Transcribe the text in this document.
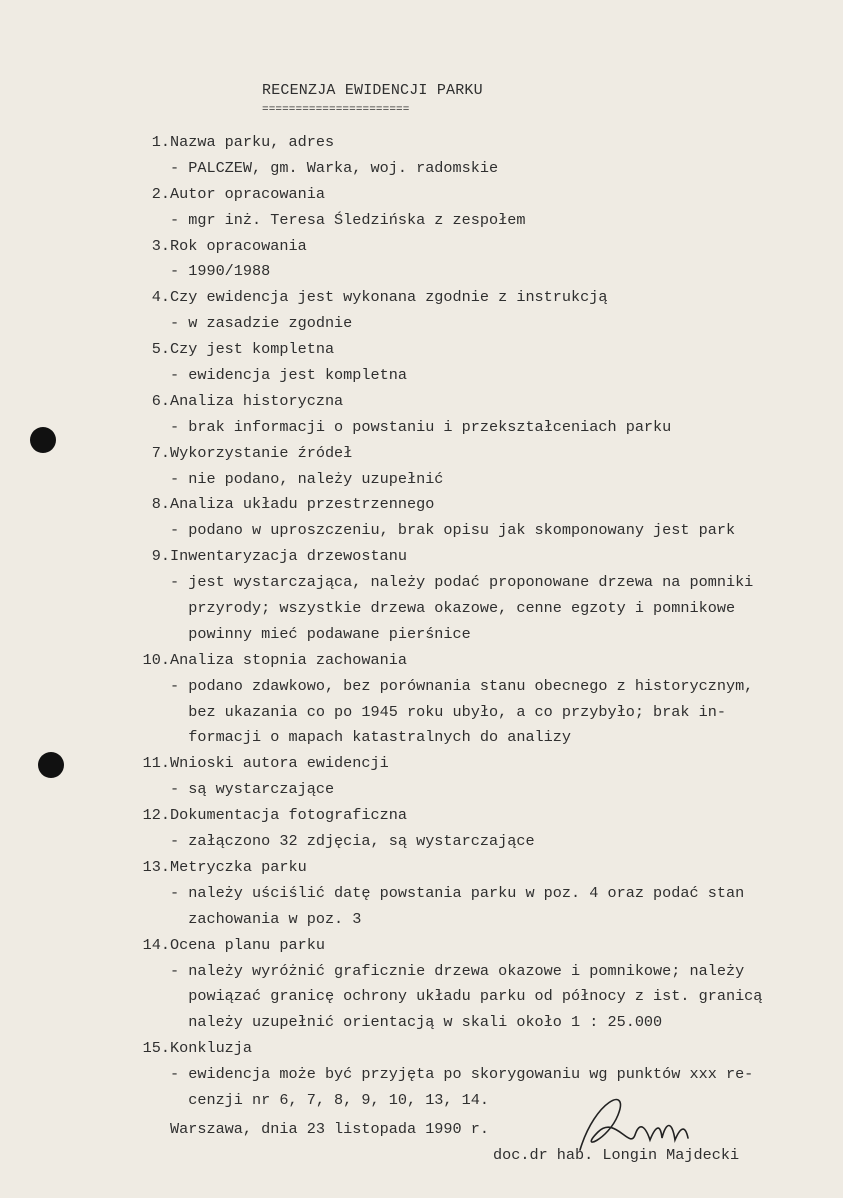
RECENZJA EWIDENCJI PARKU
======================
1. Nazwa parku, adres
- PALCZEW, gm. Warka, woj. radomskie
2. Autor opracowania
- mgr inż. Teresa Śledzińska z zespołem
3. Rok opracowania
- 1990/1988
4. Czy ewidencja jest wykonana zgodnie z instrukcją
- w zasadzie zgodnie
5. Czy jest kompletna
- ewidencja jest kompletna
6. Analiza historyczna
- brak informacji o powstaniu i przekształceniach parku
7. Wykorzystanie źródeł
- nie podano, należy uzupełnić
8. Analiza układu przestrzennego
- podano w uproszczeniu, brak opisu jak skomponowany jest park
9. Inwentaryzacja drzewostanu
- jest wystarczająca, należy podać proponowane drzewa na pomniki
przyrody; wszystkie drzewa okazowe, cenne egzoty i pomnikowe
powinny mieć podawane pierśnice
10. Analiza stopnia zachowania
- podano zdawkowo, bez porównania stanu obecnego z historycznym,
bez ukazania co po 1945 roku ubyło, a co przybyło; brak in-
formacji o mapach katastralnych do analizy
11. Wnioski autora ewidencji
- są wystarczające
12. Dokumentacja fotograficzna
- załączono 32 zdjęcia, są wystarczające
13. Metryczka parku
- należy uściślić datę powstania parku w poz. 4 oraz podać stan
zachowania w poz. 3
14. Ocena planu parku
- należy wyróżnić graficznie drzewa okazowe i pomnikowe; należy
powiązać granicę ochrony układu parku od północy z ist. granicą
należy uzupełnić orientacją w skali około 1 : 25.000
15. Konkluzja
- ewidencja może być przyjęta po skorygowaniu wg punktów xxx re-
cenzji nr 6, 7, 8, 9, 10, 13, 14.
Warszawa, dnia 23 listopada 1990 r.
doc.dr hab. Longin Majdecki
